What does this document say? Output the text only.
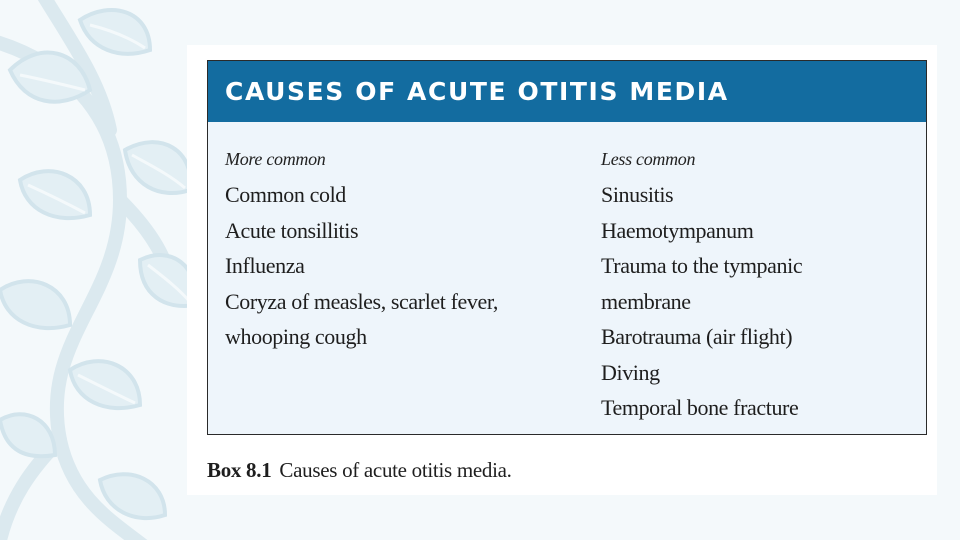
CAUSES OF ACUTE OTITIS MEDIA
More common
Common cold
Acute tonsillitis
Influenza
Coryza of measles, scarlet fever,
whooping cough
Less common
Sinusitis
Haemotympanum
Trauma to the tympanic
membrane
Barotrauma (air flight)
Diving
Temporal bone fracture
Box 8.1 Causes of acute otitis media.
